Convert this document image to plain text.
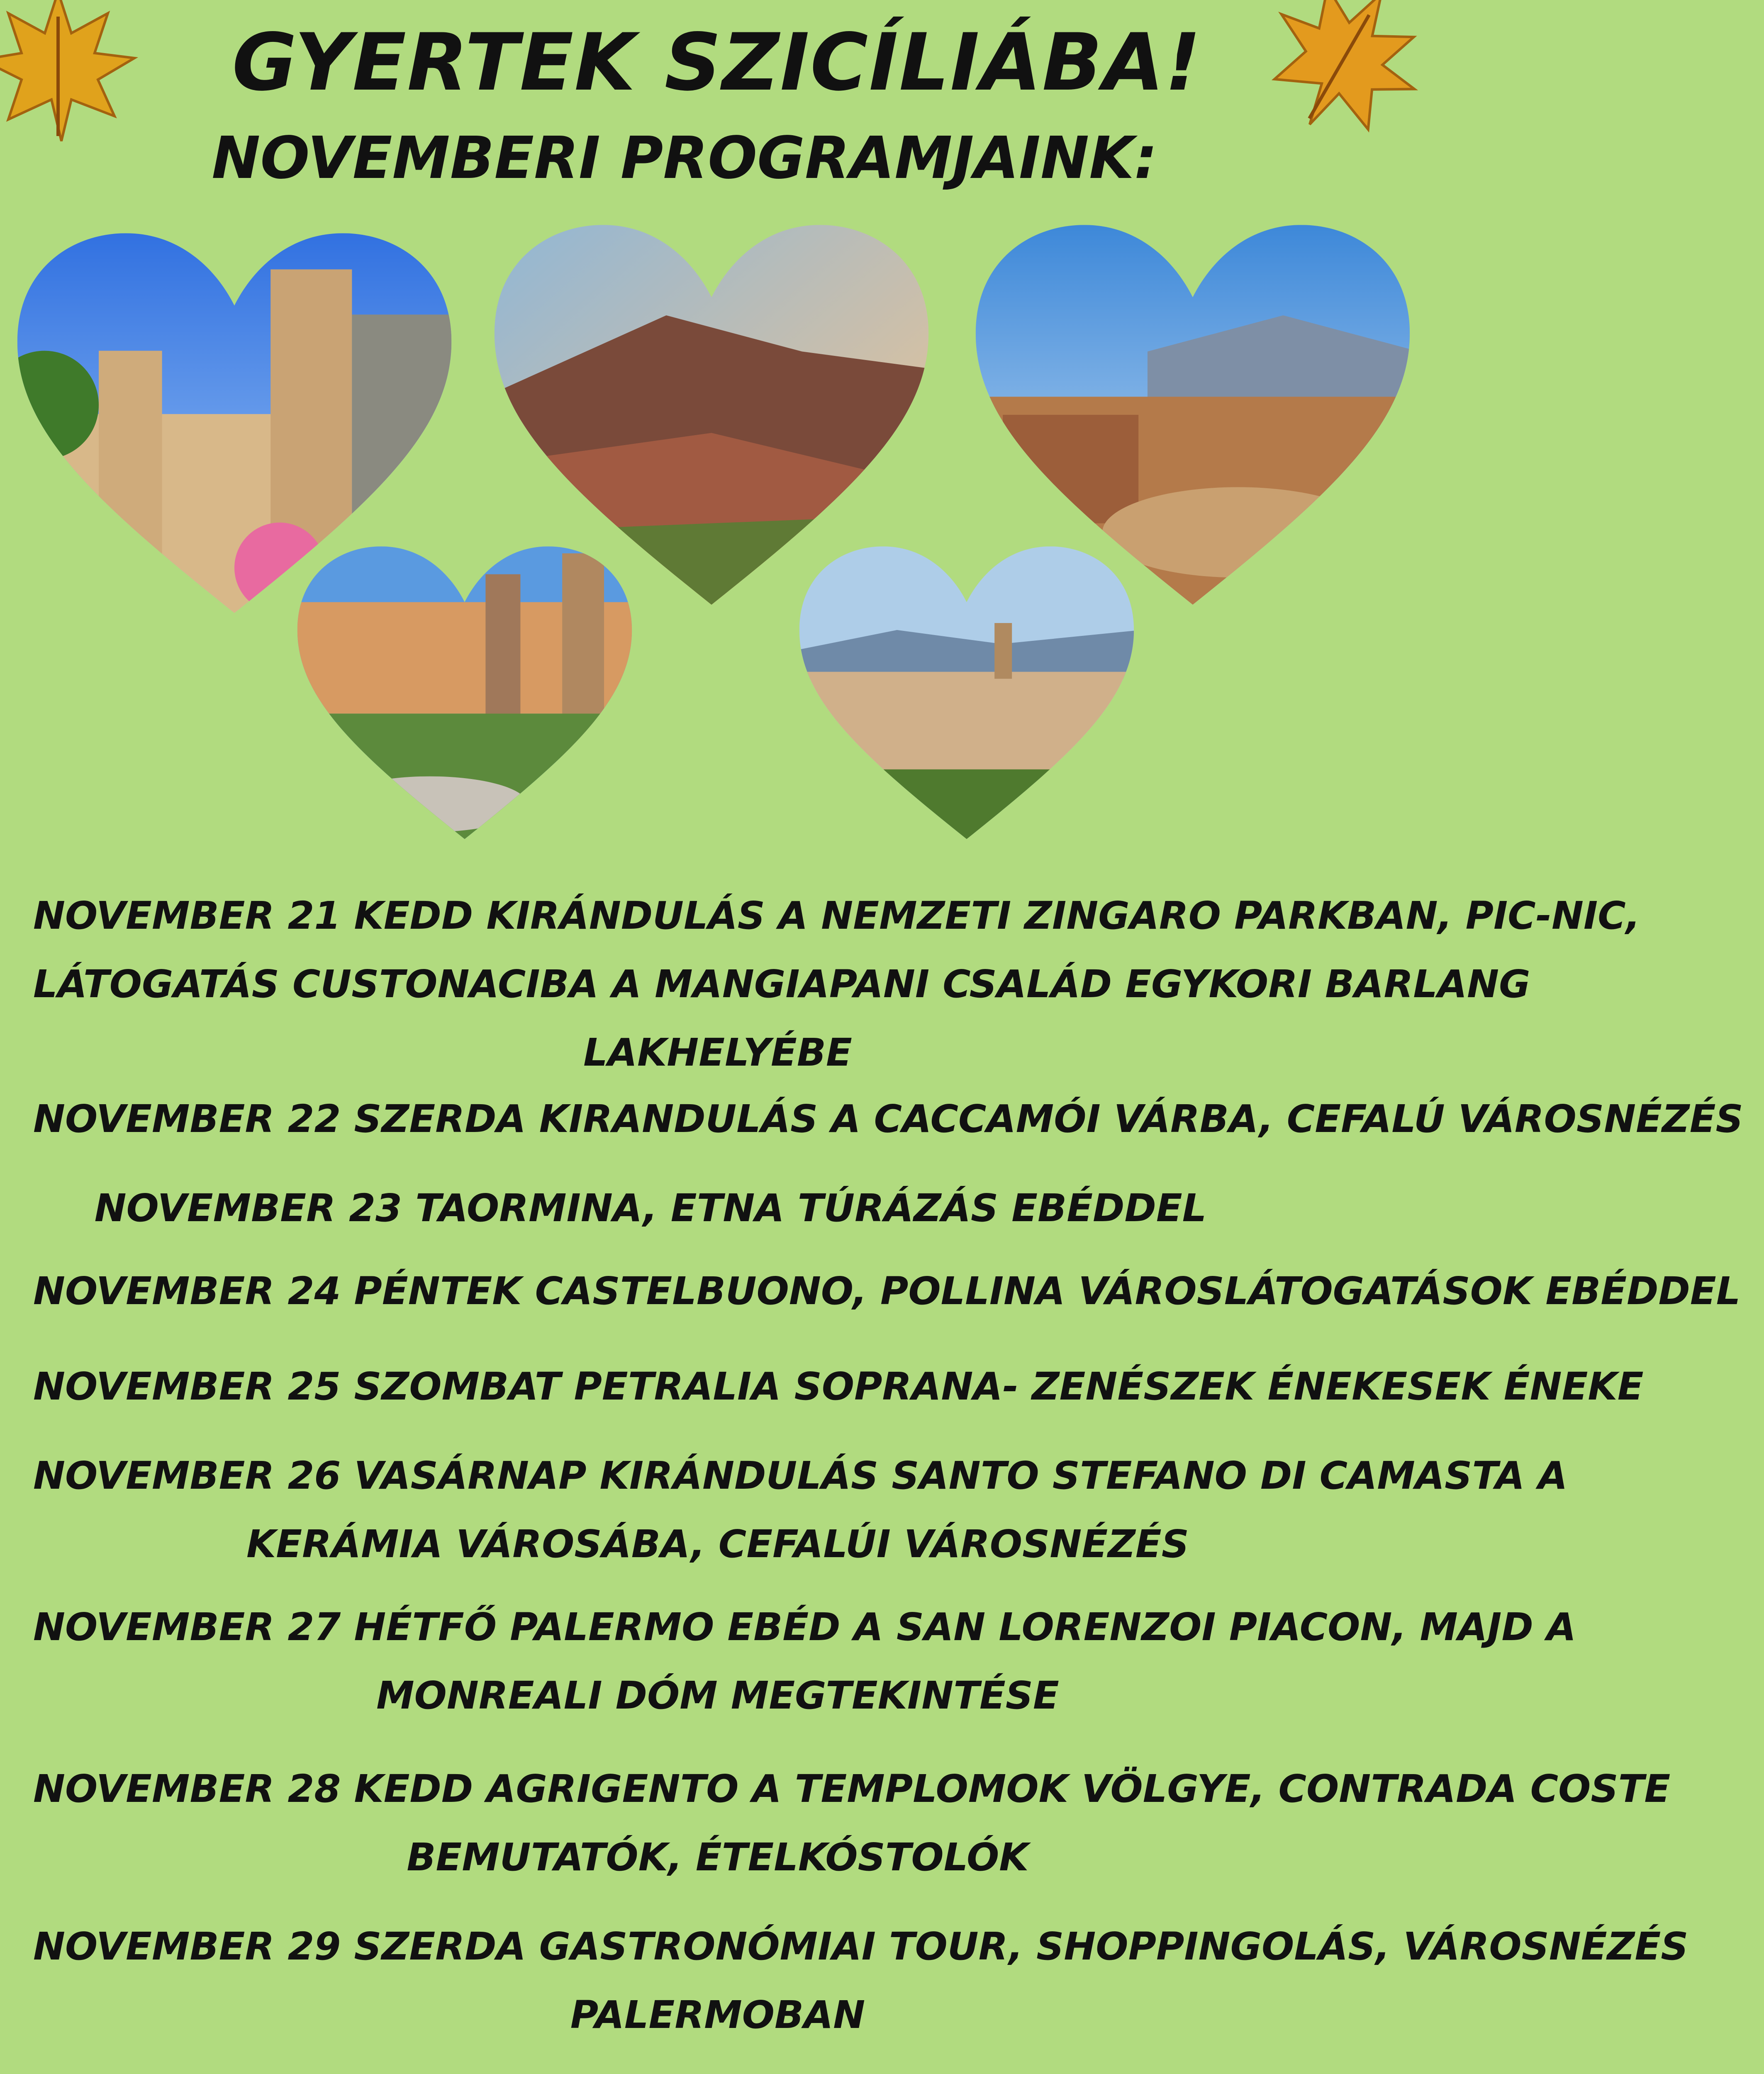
GYERTEK SZICÍLIÁBA!
NOVEMBERI PROGRAMJAINK:
NOVEMBER 21 KEDD KIRÁNDULÁS A NEMZETI ZINGARO PARKBAN, PIC-NIC,
LÁTOGATÁS CUSTONACIBA A MANGIAPANI CSALÁD EGYKORI BARLANG
LAKHELYÉBE
NOVEMBER 22 SZERDA KIRANDULÁS A CACCAMÓI VÁRBA, CEFALÚ VÁROSNÉZÉS
NOVEMBER 23 TAORMINA, ETNA TÚRÁZÁS EBÉDDEL
NOVEMBER 24 PÉNTEK CASTELBUONO, POLLINA VÁROSLÁTOGATÁSOK EBÉDDEL
NOVEMBER 25 SZOMBAT PETRALIA SOPRANA- ZENÉSZEK ÉNEKESEK ÉNEKE
NOVEMBER 26 VASÁRNAP KIRÁNDULÁS SANTO STEFANO DI CAMASTA A
KERÁMIA VÁROSÁBA, CEFALÚI VÁROSNÉZÉS
NOVEMBER 27 HÉTFŐ PALERMO EBÉD A SAN LORENZOI PIACON, MAJD A
MONREALI DÓM MEGTEKINTÉSE
NOVEMBER 28 KEDD AGRIGENTO A TEMPLOMOK VÖLGYE, CONTRADA COSTE
BEMUTATÓK, ÉTELKÓSTOLÓK
NOVEMBER 29 SZERDA GASTRONÓMIAI TOUR, SHOPPINGOLÁS, VÁROSNÉZÉS
PALERMOBAN
